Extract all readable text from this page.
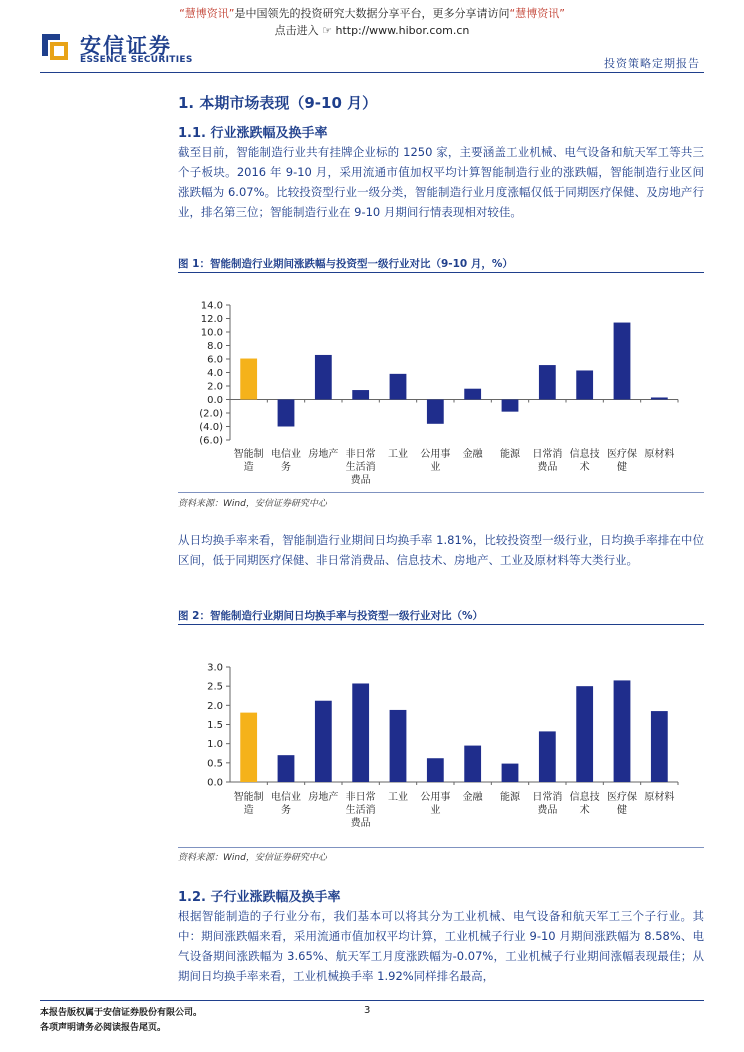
“慧博资讯”是中国领先的投资研究大数据分享平台，更多分享请访问“慧博资讯”
点击进入 ☞ http://www.hibor.com.cn
安信证券
ESSENCE SECURITIES	投资策略定期报告
1. 本期市场表现（9-10 月）
1.1. 行业涨跌幅及换手率

截至目前，智能制造行业共有挂牌企业标的 1250 家，主要涵盖工业机械、电气设备和航天军工等共三个子板块。2016 年 9-10 月，采用流通市值加权平均计算智能制造行业的涨跌幅，智能制造行业区间涨跌幅为 6.07%。比较投资型行业一级分类，智能制造行业月度涨幅仅低于同期医疗保健、及房地产行业，排名第三位；智能制造行业在 9-10 月期间行情表现相对较佳。

图 1：智能制造行业期间涨跌幅与投资型一级行业对比（9-10 月，%）
14.0
12.0
10.0
8.0
6.0
4.0
2.0
0.0
(2.0)
(4.0)
(6.0)
智能制造
电信业务
房地产 非日常生活消费品
工业 公用事业
金融 能源 日常消费品
信息技术
医疗保健
原材料
资料来源：Wind，安信证券研究中心

从日均换手率来看，智能制造行业期间日均换手率 1.81%，比较投资型一级行业，日均换手率排在中位区间，低于同期医疗保健、非日常消费品、信息技术、房地产、工业及原材料等大类行业。

图 2：智能制造行业期间日均换手率与投资型一级行业对比（%）
3.0
2.5
2.0
1.5
1.0
0.5
0.0
智能制造
电信业务
房地产 非日常生活消费品
工业 公用事业
金融 能源 日常消费品
信息技术
医疗保健
原材料
资料来源：Wind，安信证券研究中心
1.2. 子行业涨跌幅及换手率

根据智能制造的子行业分布，我们基本可以将其分为工业机械、电气设备和航天军工三个子行业。其中：期间涨跌幅来看，采用流通市值加权平均计算，工业机械子行业 9-10 月期间涨跌幅为 8.58%、电气设备期间涨跌幅为 3.65%、航天军工月度涨跌幅为-0.07%，工业机械子行业期间涨幅表现最佳；从期间日均换手率来看，工业机械换手率 1.92%同样排名最高，

本报告版权属于安信证券股份有限公司。
各项声明请务必阅读报告尾页。
3
